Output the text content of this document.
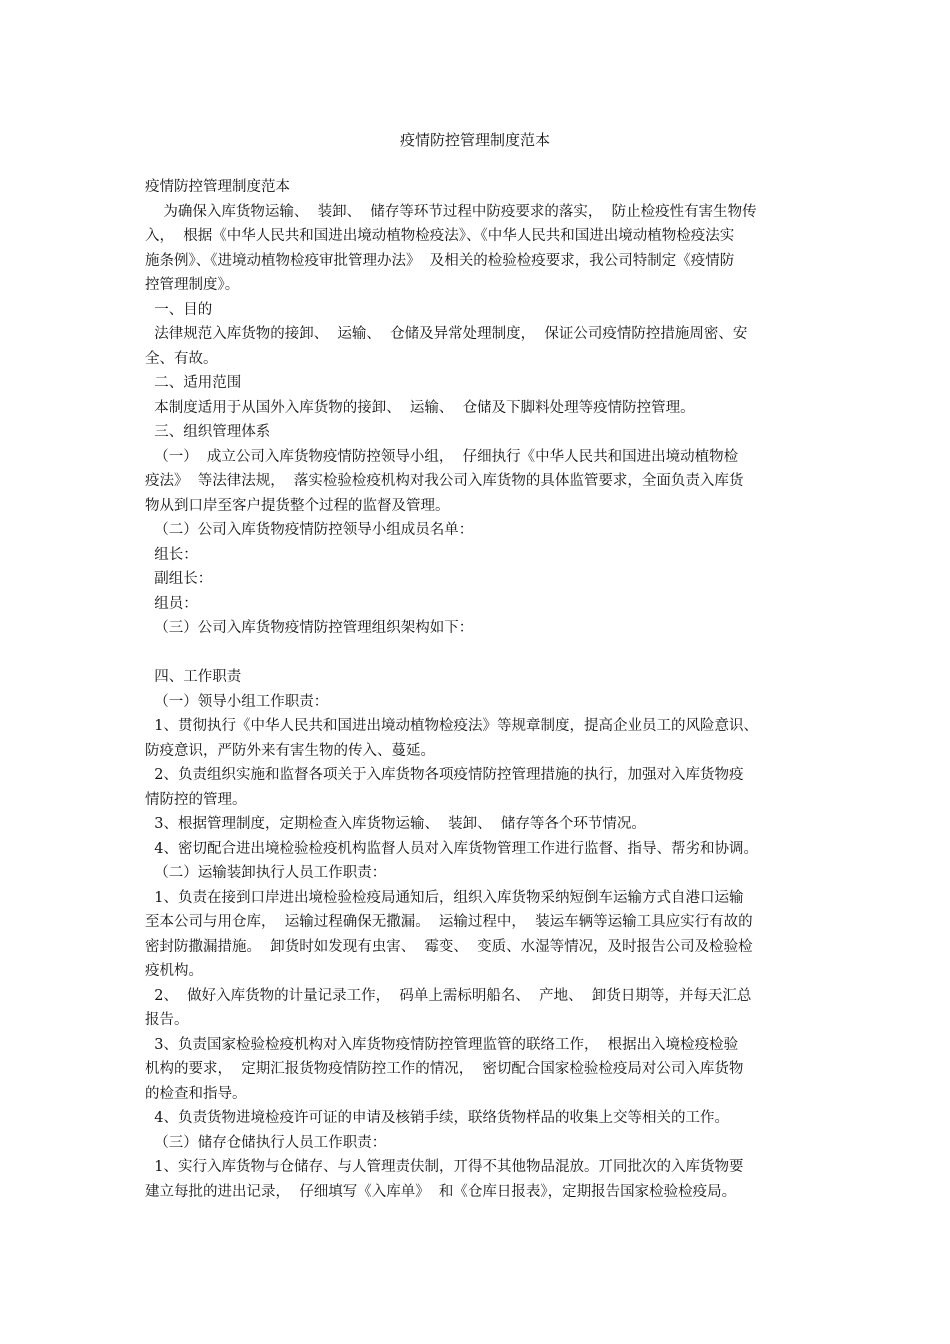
疫情防控管理制度范本
疫情防控管理制度范本
为确保入库货物运输、  装卸、  储存等环节过程中防疫要求的落实，  防止检疫性有害生物传
入，  根据《中华人民共和国进出境动植物检疫法》、《中华人民共和国进出境动植物检疫法实
施条例》、《进境动植物检疫审批管理办法》  及相关的检验检疫要求，我公司特制定《疫情防
控管理制度》。
一、目的
法律规范入库货物的接卸、  运输、  仓储及异常处理制度，  保证公司疫情防控措施周密、安
全、有故。
二、适用范围
本制度适用于从国外入库货物的接卸、  运输、  仓储及下脚料处理等疫情防控管理。
三、组织管理体系
（一）  成立公司入库货物疫情防控领导小组，  仔细执行《中华人民共和国进出境动植物检
疫法》  等法律法规，  落实检验检疫机构对我公司入库货物的具体监管要求，全面负责入库货
物从到口岸至客户提货整个过程的监督及管理。
（二）公司入库货物疫情防控领导小组成员名单：
组长：
副组长：
组员：
（三）公司入库货物疫情防控管理组织架构如下：
四、工作职责
（一）领导小组工作职责：
1、贯彻执行《中华人民共和国进出境动植物检疫法》等规章制度，提高企业员工的风险意识、
防疫意识，严防外来有害生物的传入、蔓延。
2、负责组织实施和监督各项关于入库货物各项疫情防控管理措施的执行，加强对入库货物疫
情防控的管理。
3、根据管理制度，定期检查入库货物运输、  装卸、  储存等各个环节情况。
4、密切配合进出境检验检疫机构监督人员对入库货物管理工作进行监督、指导、帮劣和协调。
（二）运输装卸执行人员工作职责：
1、负责在接到口岸进出境检验检疫局通知后，组织入库货物采纳短倒车运输方式自港口运输
至本公司与用仓库，  运输过程确保无撒漏。  运输过程中，  装运车辆等运输工具应实行有故的
密封防撒漏措施。  卸货时如发现有虫害、  霉变、  变质、水湿等情况，及时报告公司及检验检
疫机构。
2、  做好入库货物的计量记录工作，  码单上需标明船名、  产地、  卸货日期等，并每天汇总
报告。
3、负责国家检验检疫机构对入库货物疫情防控管理监管的联络工作，  根据出入境检疫检验
机构的要求，  定期汇报货物疫情防控工作的情况，  密切配合国家检验检疫局对公司入库货物
的检查和指导。
4、负责货物进境检疫许可证的申请及核销手续，联络货物样品的收集上交等相关的工作。
（三）储存仓储执行人员工作职责：
1、实行入库货物与仓储存、与人管理责伕制，丌得不其他物品混放。丌同批次的入库货物要
建立每批的进出记录，  仔细填写《入库单》  和《仓库日报表》，定期报告国家检验检疫局。
